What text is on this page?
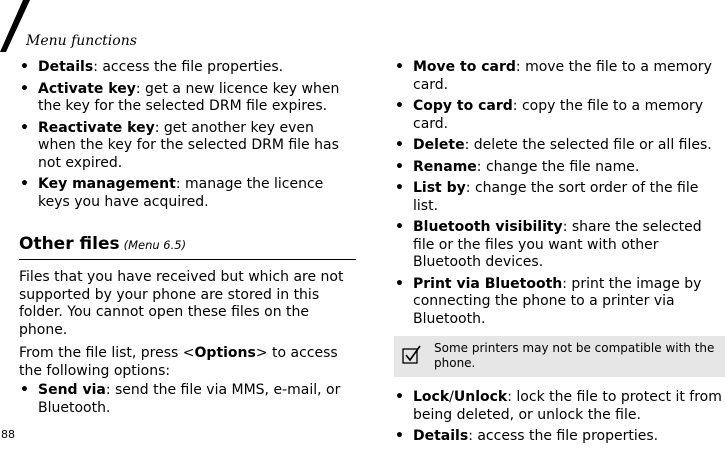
Menu functions
• Details: access the file properties.
• Activate key: get a new licence key when the key for the selected DRM file expires.
• Reactivate key: get another key even when the key for the selected DRM file has not expired.
• Key management: manage the licence keys you have acquired.
Other files (Menu 6.5)

Files that you have received but which are not supported by your phone are stored in this folder. You cannot open these files on the phone.

From the file list, press <Options> to access the following options:

• Send via: send the file via MMS, e-mail, or Bluetooth.
• Move to card: move the file to a memory card.
• Copy to card: copy the file to a memory card.
• Delete: delete the selected file or all files.
• Rename: change the file name.
• List by: change the sort order of the file list.
• Bluetooth visibility: share the selected file or the files you want with other Bluetooth devices.
• Print via Bluetooth: print the image by connecting the phone to a printer via Bluetooth.
Some printers may not be compatible with the phone.
• Lock/Unlock: lock the file to protect it from being deleted, or unlock the file.
• Details: access the file properties.
88
